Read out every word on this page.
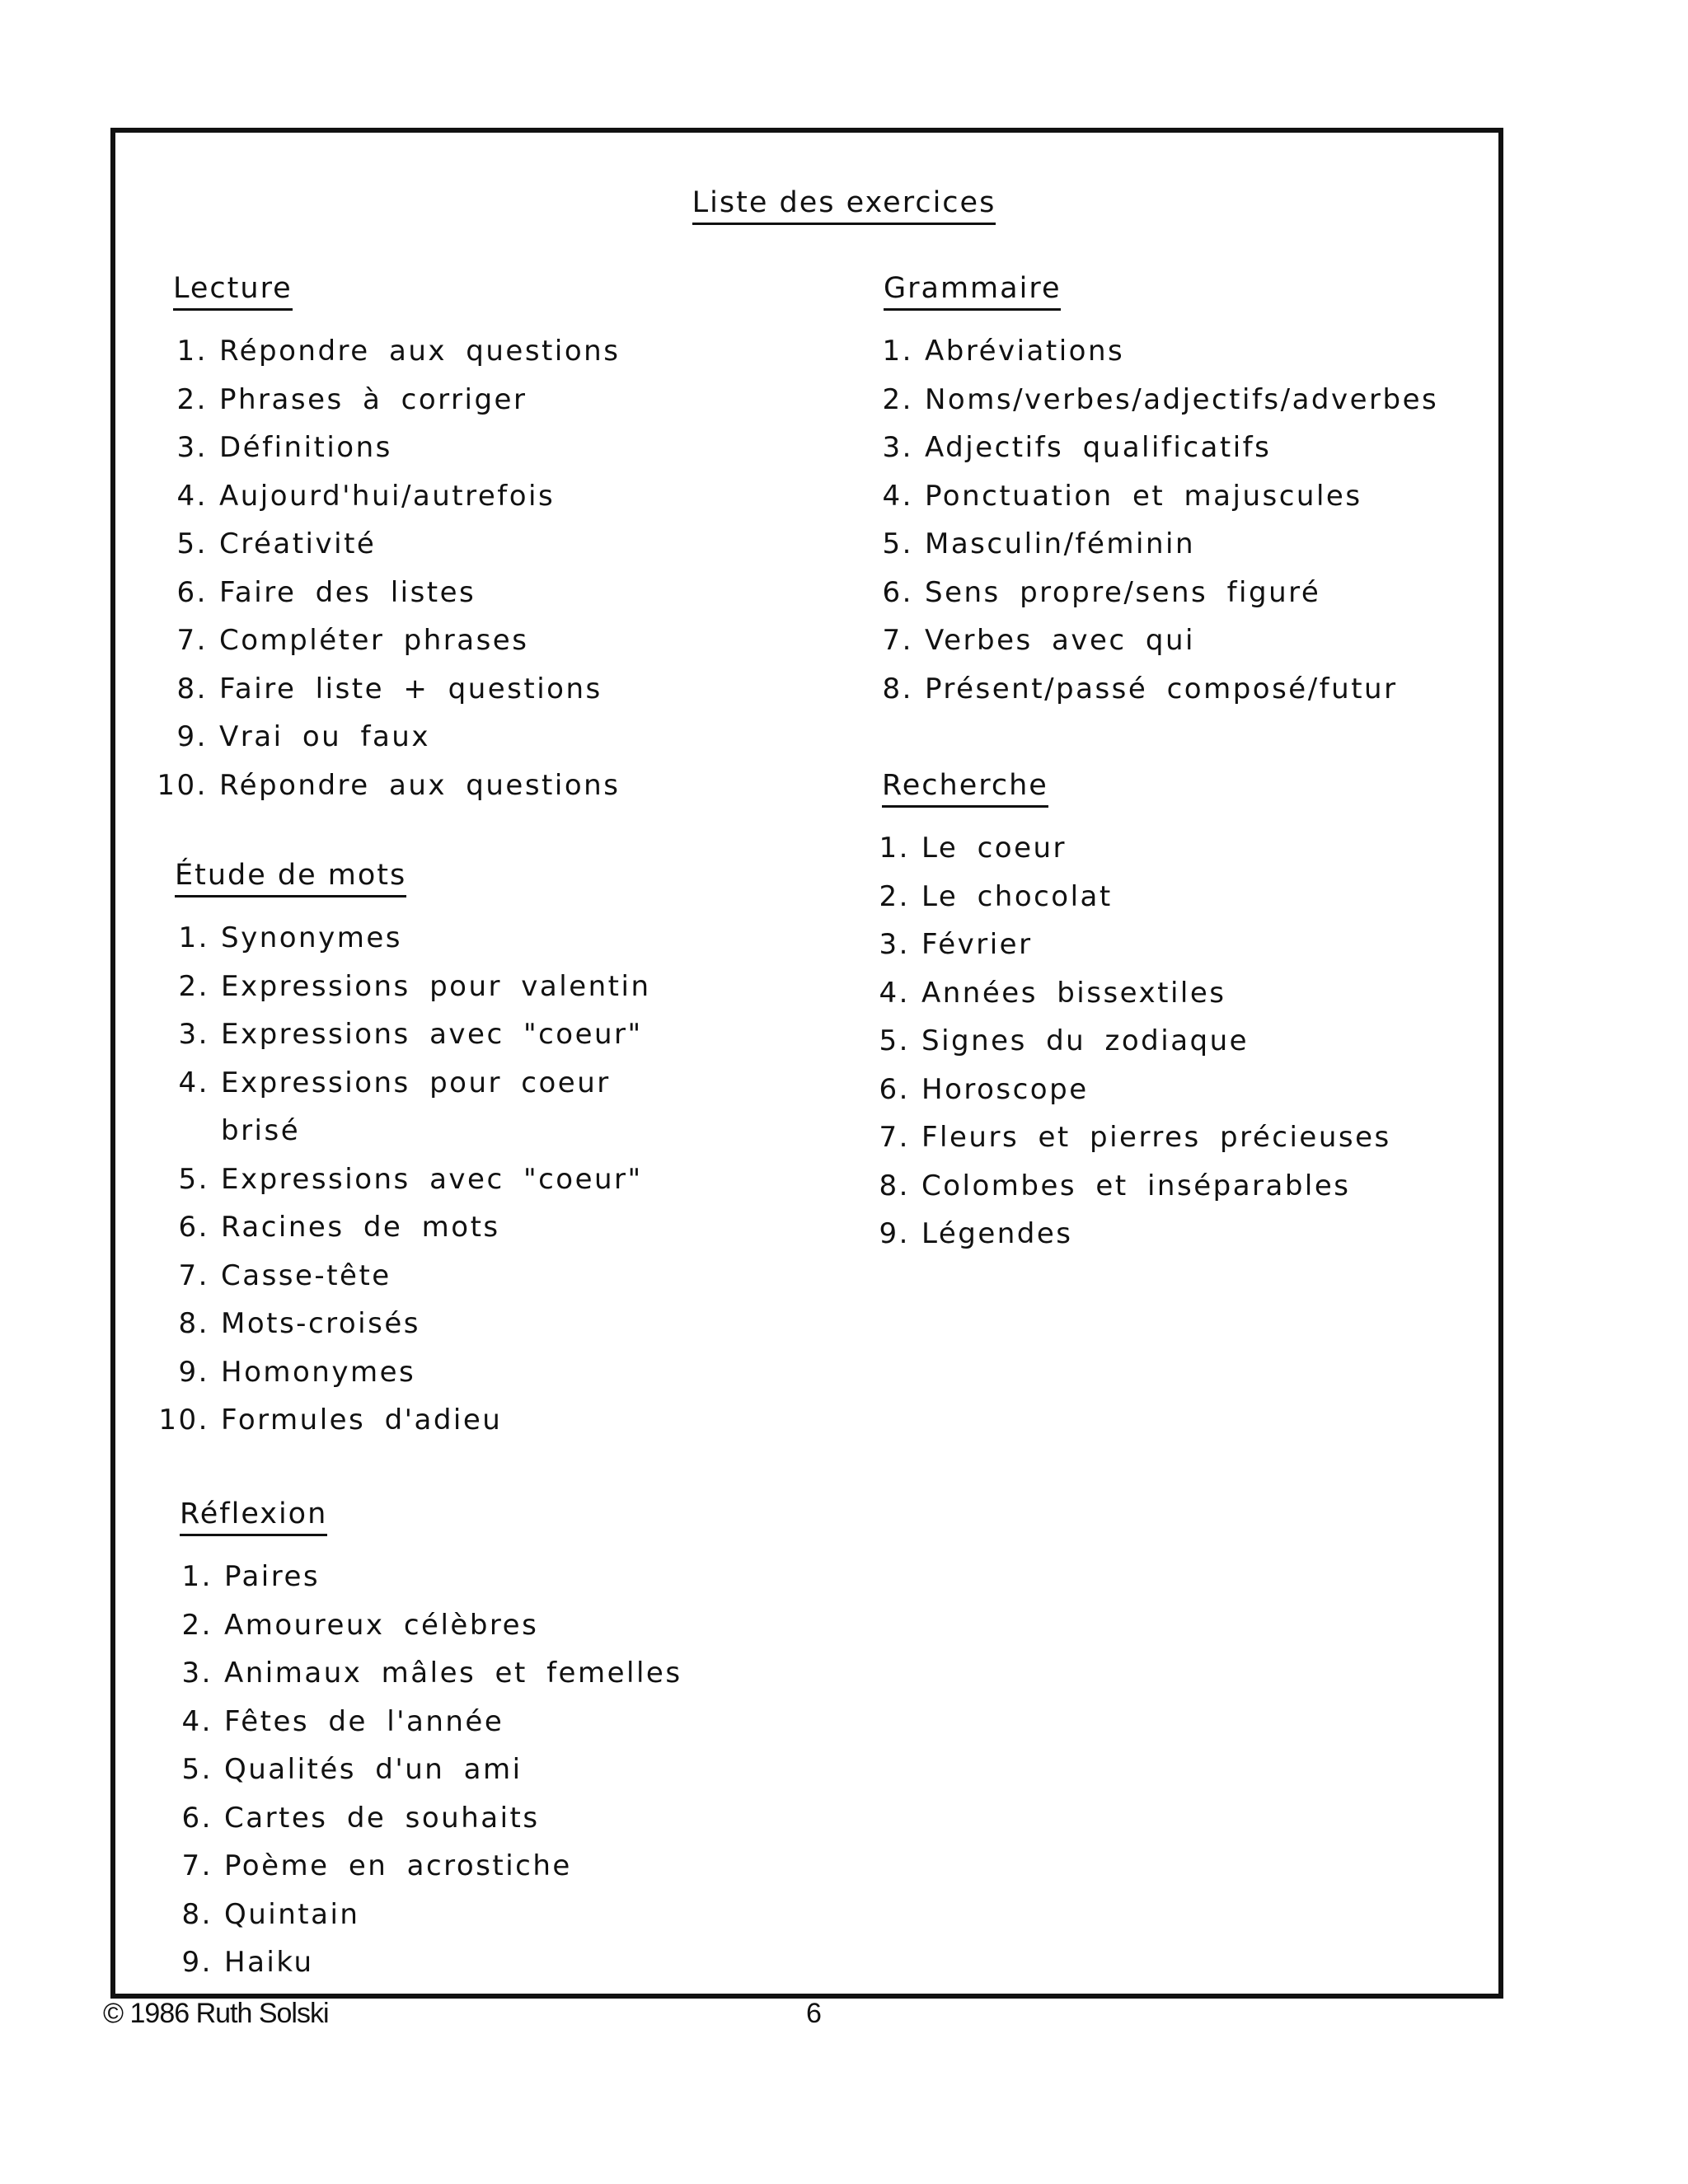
Liste des exercices
Lecture
1. Répondre aux questions
2. Phrases à corriger
3. Définitions
4. Aujourd'hui/autrefois
5. Créativité
6. Faire des listes
7. Compléter phrases
8. Faire liste + questions
9. Vrai ou faux
10. Répondre aux questions
Étude de mots
1. Synonymes
2. Expressions pour valentin
3. Expressions avec "coeur"
4. Expressions pour coeur
brisé
5. Expressions avec "coeur"
6. Racines de mots
7. Casse-tête
8. Mots-croisés
9. Homonymes
10. Formules d'adieu
Réflexion
1. Paires
2. Amoureux célèbres
3. Animaux mâles et femelles
4. Fêtes de l'année
5. Qualités d'un ami
6. Cartes de souhaits
7. Poème en acrostiche
8. Quintain
9. Haiku
Grammaire
1. Abréviations
2. Noms/verbes/adjectifs/adverbes
3. Adjectifs qualificatifs
4. Ponctuation et majuscules
5. Masculin/féminin
6. Sens propre/sens figuré
7. Verbes avec qui
8. Présent/passé composé/futur
Recherche
1. Le coeur
2. Le chocolat
3. Février
4. Années bissextiles
5. Signes du zodiaque
6. Horoscope
7. Fleurs et pierres précieuses
8. Colombes et inséparables
9. Légendes
© 1986 Ruth Solski	6
